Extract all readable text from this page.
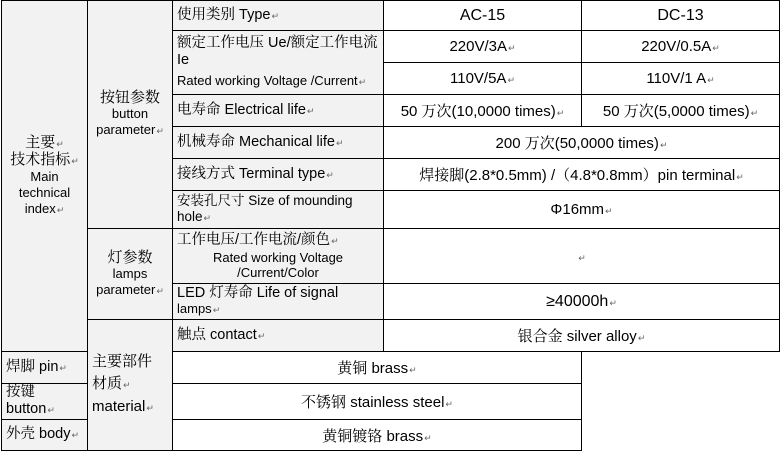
主要↵
技术指标↵
Main
technical
index↵	按钮参数
button
parameter↵	使用类别 Type↵	AC-15	DC-13

		额定工作电压 Ue/额定工作电流 Ie
Rated working Voltage /Current↵	220V/3A↵	220V/0.5A↵
			110V/5A↵	110V/1 A↵
		电寿命 Electrical life↵	50 万次(10,0000 times)↵	50 万次(5,0000 times)↵
		机械寿命 Mechanical life↵	200 万次(50,0000 times)↵	
		接线方式 Terminal type↵	焊接脚(2.8*0.5mm) /（4.8*0.8mm）pin terminal↵	
		安装孔尺寸 Size of mounding hole↵	Φ16mm↵	

	灯参数
lamps
parameter↵	工作电压/工作电流/颜色↵
Rated working Voltage
/Current/Color	↵	

		LED 灯寿命 Life of signal
lamps↵	≥40000h↵	

	主要部件
材质↵
material↵	触点 contact↵	银合金 silver alloy↵	
焊脚 pin↵		黄铜 brass↵		
按键 button↵		不锈钢 stainless steel↵		
外壳 body↵		黄铜镀铬 brass↵		
